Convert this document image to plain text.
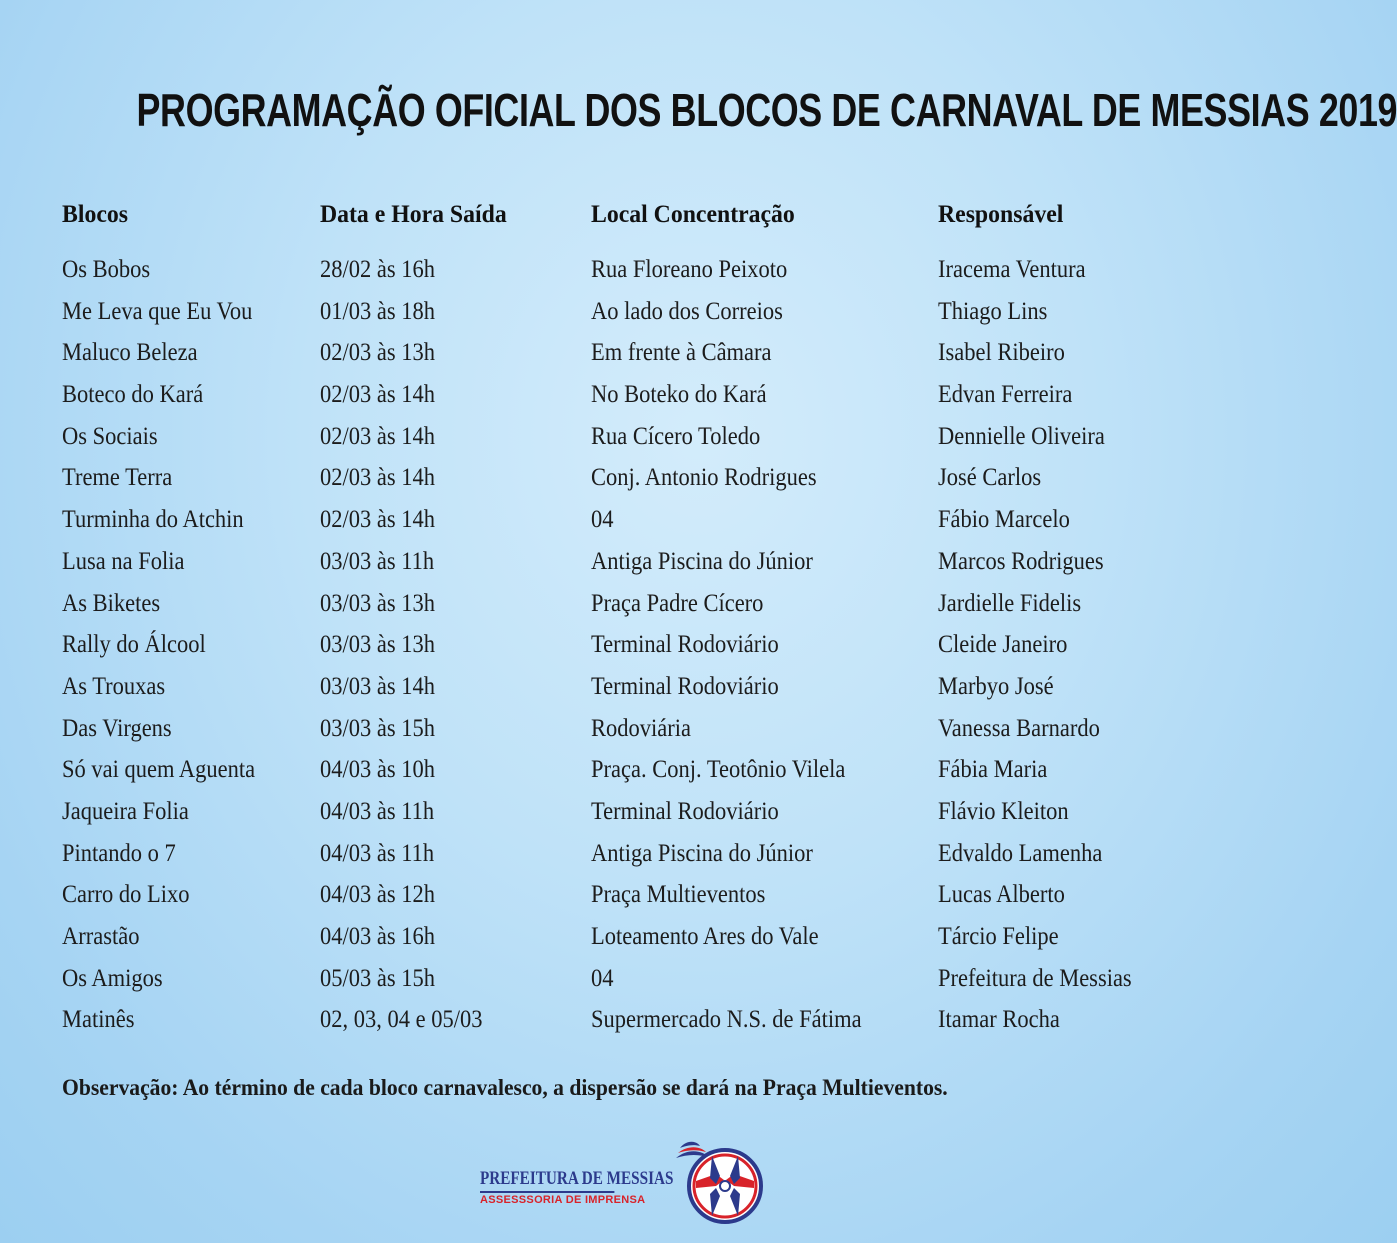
PROGRAMAÇÃO OFICIAL DOS BLOCOS DE CARNAVAL DE MESSIAS 2019
Blocos	Data e Hora Saída	Local Concentração	Responsável
Os Bobos	28/02 às 16h	Rua Floreano Peixoto	Iracema Ventura
Me Leva que Eu Vou	01/03 às 18h	Ao lado dos Correios	Thiago Lins
Maluco Beleza	02/03 às 13h	Em frente à Câmara	Isabel Ribeiro
Boteco do Kará	02/03 às 14h	No Boteko do Kará	Edvan Ferreira
Os Sociais	02/03 às 14h	Rua Cícero Toledo	Dennielle Oliveira
Treme Terra	02/03 às 14h	Conj. Antonio Rodrigues	José Carlos
Turminha do Atchin	02/03 às 14h	04	Fábio Marcelo
Lusa na Folia	03/03 às 11h	Antiga Piscina do Júnior	Marcos Rodrigues
As Biketes	03/03 às 13h	Praça Padre Cícero	Jardielle Fidelis
Rally do Álcool	03/03 às 13h	Terminal Rodoviário	Cleide Janeiro
As Trouxas	03/03 às 14h	Terminal Rodoviário	Marbyo José
Das Virgens	03/03 às 15h	Rodoviária	Vanessa Barnardo
Só vai quem Aguenta	04/03 às 10h	Praça. Conj. Teotônio Vilela	Fábia Maria
Jaqueira Folia	04/03 às 11h	Terminal Rodoviário	Flávio Kleiton
Pintando o 7	04/03 às 11h	Antiga Piscina do Júnior	Edvaldo Lamenha
Carro do Lixo	04/03 às 12h	Praça Multieventos	Lucas Alberto
Arrastão	04/03 às 16h	Loteamento Ares do Vale	Tárcio Felipe
Os Amigos	05/03 às 15h	04	Prefeitura de Messias
Matinês	02, 03, 04 e 05/03	Supermercado N.S. de Fátima	Itamar Rocha
Observação: Ao término de cada bloco carnavalesco, a dispersão se dará na Praça Multieventos.
PREFEITURA DE MESSIAS
ASSESSSORIA DE IMPRENSA
